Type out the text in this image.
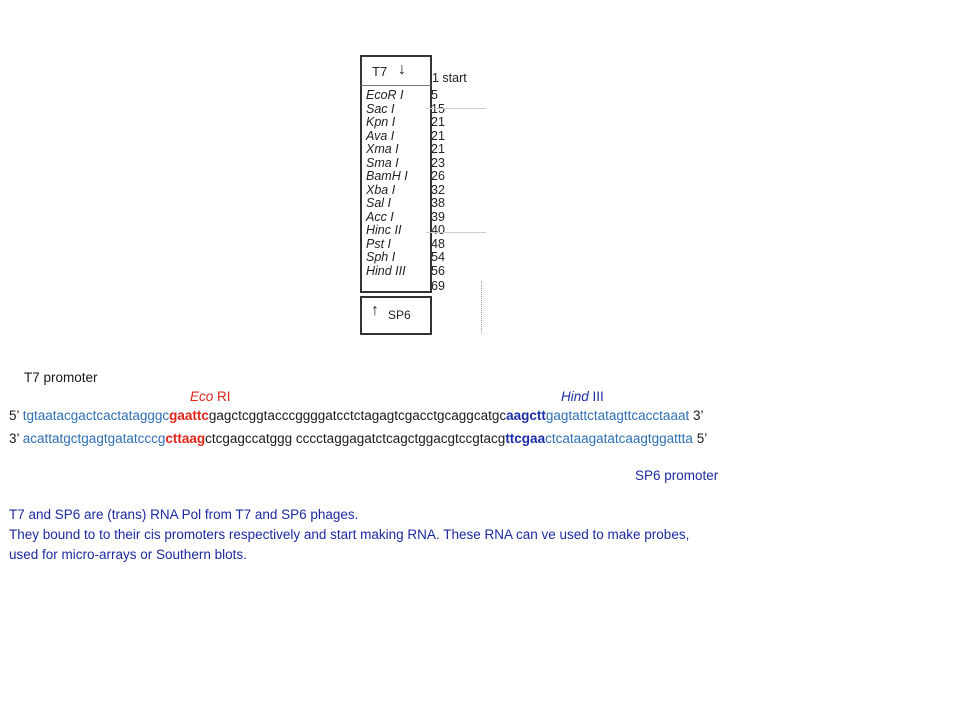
T7 ↓ 1 start
EcoR I 5
Sac I	15
Kpn I	21
Ava I	21
Xma I	21
Sma I	23
BamH I 26
Xba I	32
Sal I	38
Acc I	39
Hinc II 40
Pst I	48
Sph I	54
Hind III 56
69
↑ SP6
T7 promoter
Eco RI	Hind III
5’ tgtaatacgactcactatagggcgaattcgagctcggtacccggggatcctctagagtcgacctgcaggcatgcaagcttgagtattctatagttcacctaaat 3’
3’ acattatgctgagtgatatcccgcttaagctcgagccatggg cccctaggagatctcagctggacgtccgtacgttcgaactcataagatatcaagtggattta 5’
SP6 promoter
T7 and SP6 are (trans) RNA Pol from T7 and SP6 phages.
They bound to to their cis promoters respectively and start making RNA. These RNA can ve used to make probes,
used for micro-arrays or Southern blots.
